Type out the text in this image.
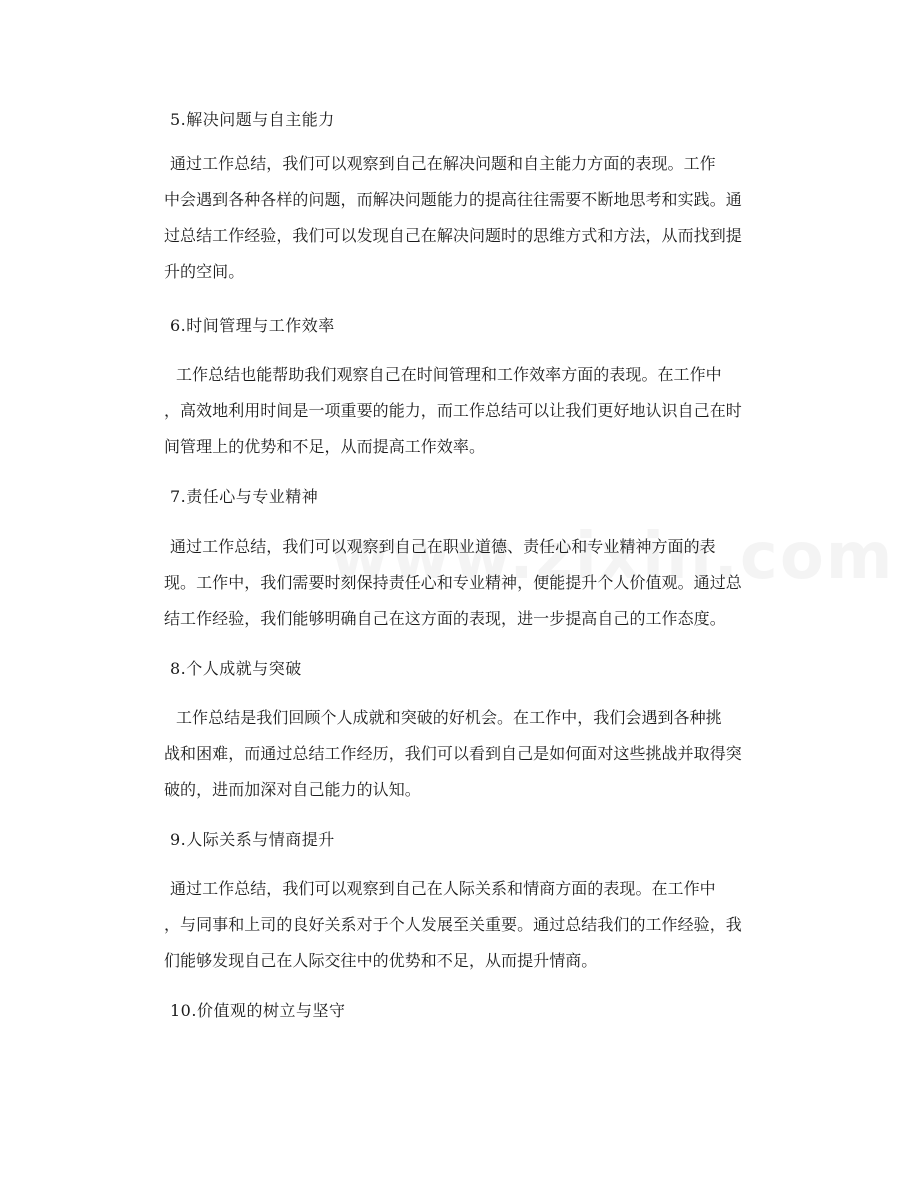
5.解决问题与自主能力
通过工作总结，我们可以观察到自己在解决问题和自主能力方面的表现。工作
中会遇到各种各样的问题，而解决问题能力的提高往往需要不断地思考和实践。通
过总结工作经验，我们可以发现自己在解决问题时的思维方式和方法，从而找到提
升的空间。
6.时间管理与工作效率
工作总结也能帮助我们观察自己在时间管理和工作效率方面的表现。在工作中
，高效地利用时间是一项重要的能力，而工作总结可以让我们更好地认识自己在时
间管理上的优势和不足，从而提高工作效率。
7.责任心与专业精神
通过工作总结，我们可以观察到自己在职业道德、责任心和专业精神方面的表
现。工作中，我们需要时刻保持责任心和专业精神，便能提升个人价值观。通过总
结工作经验，我们能够明确自己在这方面的表现，进一步提高自己的工作态度。
8.个人成就与突破
工作总结是我们回顾个人成就和突破的好机会。在工作中，我们会遇到各种挑
战和困难，而通过总结工作经历，我们可以看到自己是如何面对这些挑战并取得突
破的，进而加深对自己能力的认知。
9.人际关系与情商提升
通过工作总结，我们可以观察到自己在人际关系和情商方面的表现。在工作中
，与同事和上司的良好关系对于个人发展至关重要。通过总结我们的工作经验，我
们能够发现自己在人际交往中的优势和不足，从而提升情商。
10.价值观的树立与坚守
